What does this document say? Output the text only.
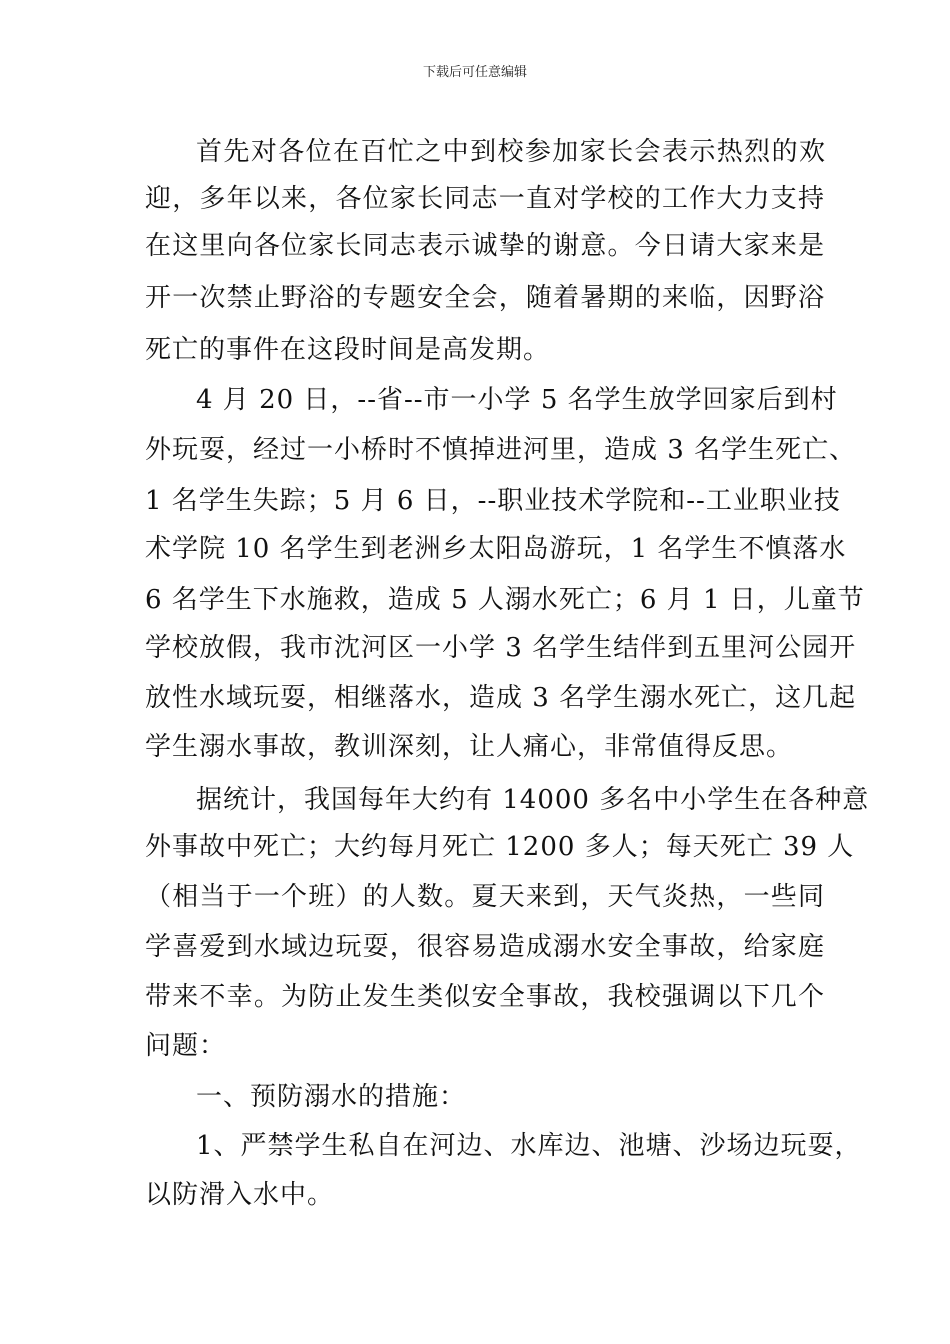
下载后可任意编辑
首先对各位在百忙之中到校参加家长会表示热烈的欢
迎，多年以来，各位家长同志一直对学校的工作大力支持
在这里向各位家长同志表示诚挚的谢意。今日请大家来是
开一次禁止野浴的专题安全会，随着暑期的来临，因野浴
死亡的事件在这段时间是高发期。
4 月 20 日，--省--市一小学 5 名学生放学回家后到村
外玩耍，经过一小桥时不慎掉进河里，造成 3 名学生死亡、
1 名学生失踪；5 月 6 日，--职业技术学院和--工业职业技
术学院 10 名学生到老洲乡太阳岛游玩，1 名学生不慎落水
6 名学生下水施救，造成 5 人溺水死亡；6 月 1 日，儿童节
学校放假，我市沈河区一小学 3 名学生结伴到五里河公园开
放性水域玩耍，相继落水，造成 3 名学生溺水死亡，这几起
学生溺水事故，教训深刻，让人痛心，非常值得反思。
据统计，我国每年大约有 14000 多名中小学生在各种意
外事故中死亡；大约每月死亡 1200 多人；每天死亡 39 人
（相当于一个班）的人数。夏天来到，天气炎热，一些同
学喜爱到水域边玩耍，很容易造成溺水安全事故，给家庭
带来不幸。为防止发生类似安全事故，我校强调以下几个
问题：
一、预防溺水的措施：
1、严禁学生私自在河边、水库边、池塘、沙场边玩耍，
以防滑入水中。
